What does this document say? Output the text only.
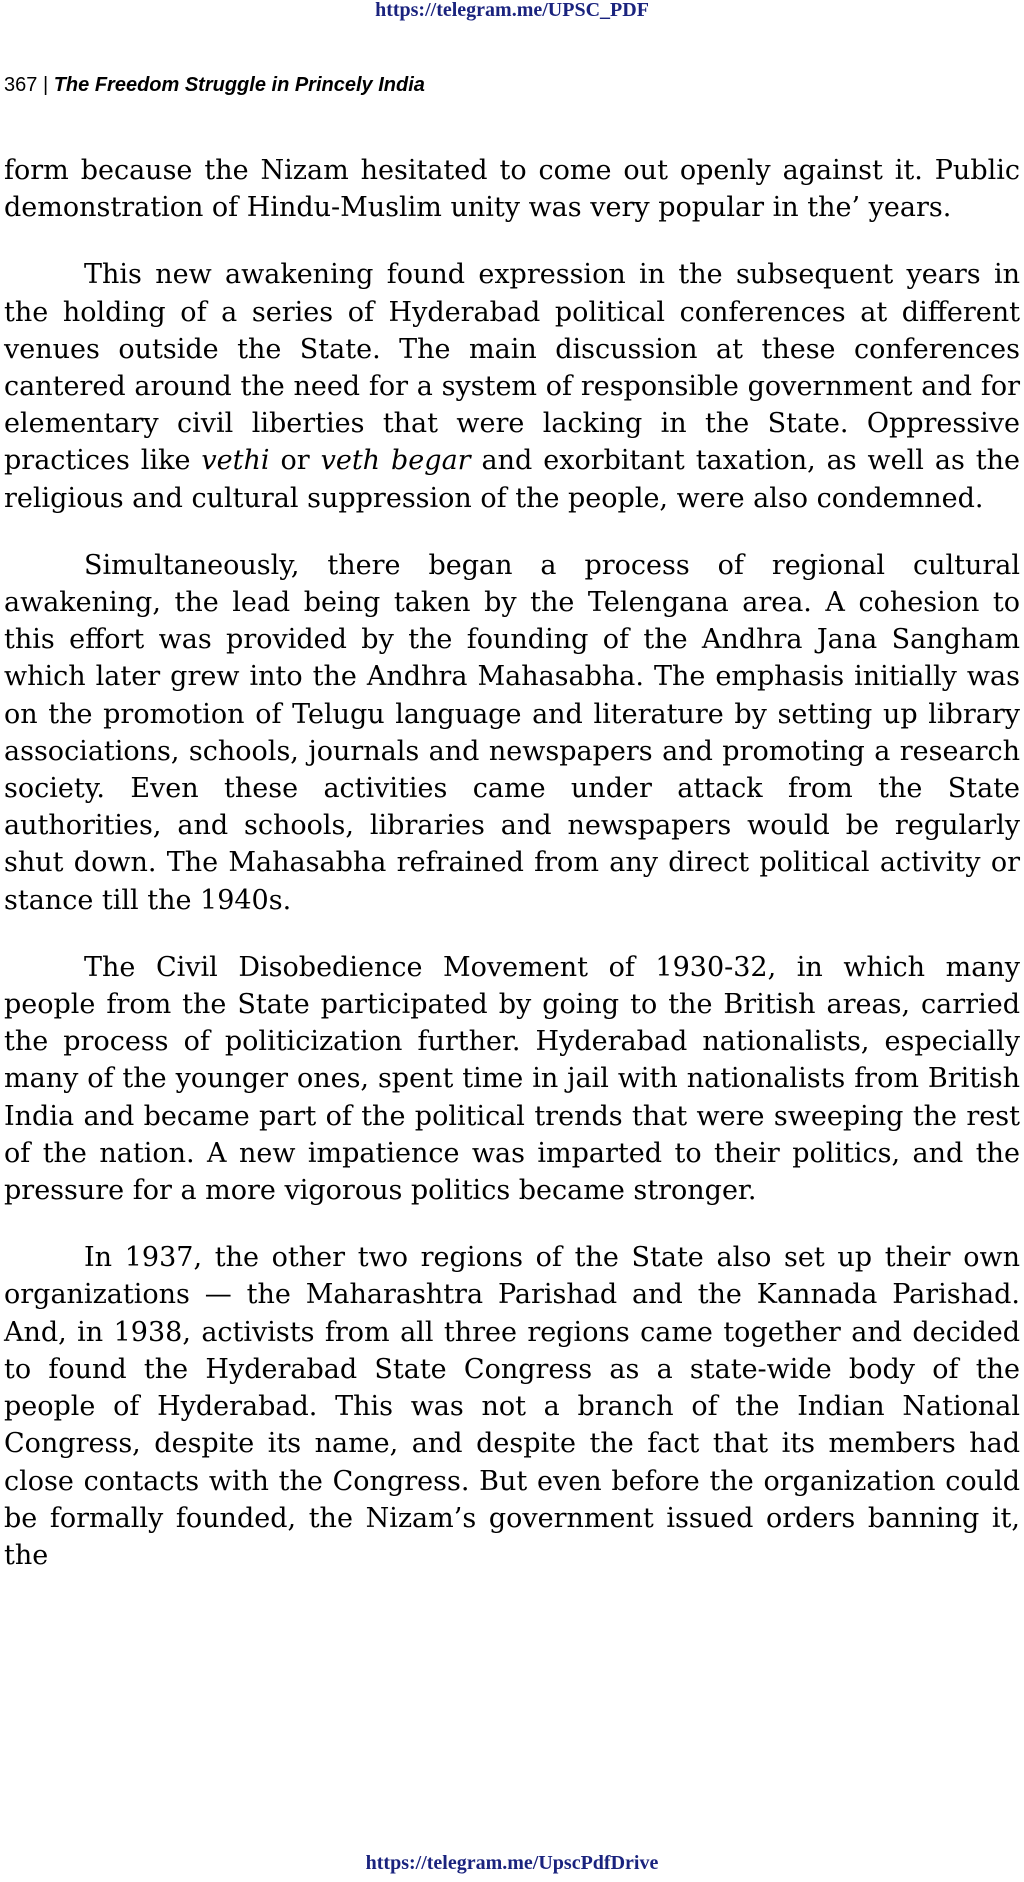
https://telegram.me/UPSC_PDF
367 | The Freedom Struggle in Princely India

form because the Nizam hesitated to come out openly against it. Public demonstration of Hindu-Muslim unity was very popular in the’ years.

This new awakening found expression in the subsequent years in the holding of a series of Hyderabad political conferences at different venues outside the State. The main discussion at these conferences cantered around the need for a system of responsible government and for elementary civil liberties that were lacking in the State. Oppressive practices like vethi or veth begar and exorbitant taxation, as well as the religious and cultural suppression of the people, were also condemned.

Simultaneously, there began a process of regional cultural awakening, the lead being taken by the Telengana area. A cohesion to this effort was provided by the founding of the Andhra Jana Sangham which later grew into the Andhra Mahasabha. The emphasis initially was on the promotion of Telugu language and literature by setting up library associations, schools, journals and newspapers and promoting a research society. Even these activities came under attack from the State authorities, and schools, libraries and newspapers would be regularly shut down. The Mahasabha refrained from any direct political activity or stance till the 1940s.

The Civil Disobedience Movement of 1930-32, in which many people from the State participated by going to the British areas, carried the process of politicization further. Hyderabad nationalists, especially many of the younger ones, spent time in jail with nationalists from British India and became part of the political trends that were sweeping the rest of the nation. A new impatience was imparted to their politics, and the pressure for a more vigorous politics became stronger.

In 1937, the other two regions of the State also set up their own organizations — the Maharashtra Parishad and the Kannada Parishad. And, in 1938, activists from all three regions came together and decided to found the Hyderabad State Congress as a state-wide body of the people of Hyderabad. This was not a branch of the Indian National Congress, despite its name, and despite the fact that its members had close contacts with the Congress. But even before the organization could be formally founded, the Nizam’s government issued orders banning it, the

https://telegram.me/UpscPdfDrive
